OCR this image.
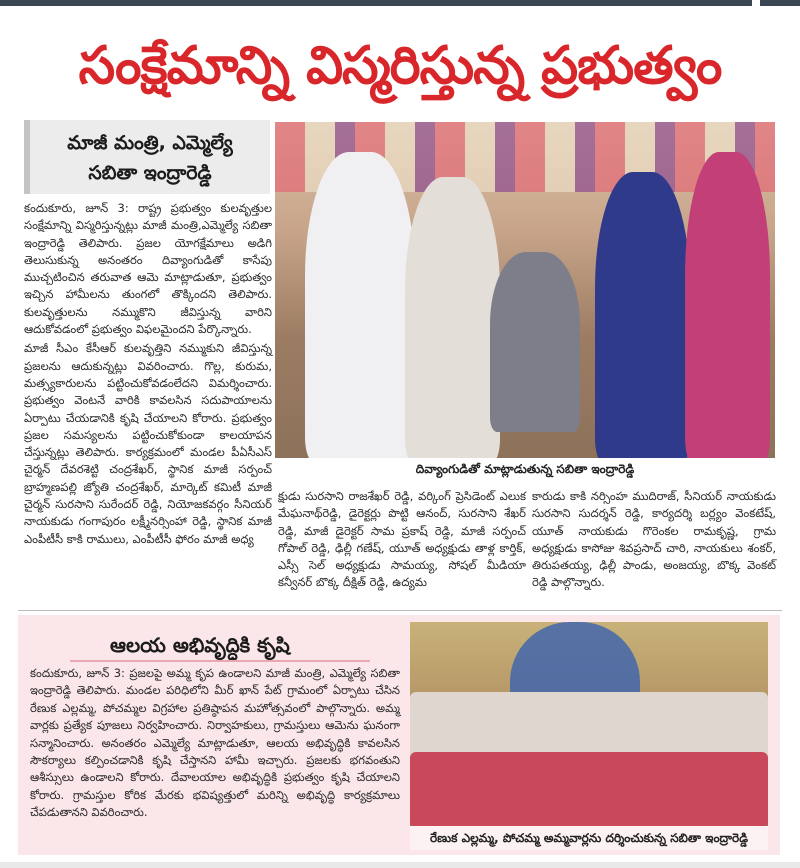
సంక్షేమాన్ని విస్మరిస్తున్న ప్రభుత్వం
మాజీ మంత్రి, ఎమ్మెల్యే
సబితా ఇంద్రారెడ్డి
దివ్యాంగుడితో మాట్లాడుతున్న సబితా ఇంద్రారెడ్డి

కందుకూరు, జూన్ 3: రాష్ట్ర ప్రభుత్వం కులవృత్తుల సంక్షేమాన్ని విస్మరిస్తున్నట్లు మాజీ మంత్రి,ఎమ్మెల్యే సబితా ఇంద్రారెడ్డి తెలిపారు. ప్రజల యోగక్షేమాలు అడిగి తెలుసుకున్న అనంతరం దివ్యాంగుడితో కాసేపు ముచ్చటించిన తరువాత ఆమె మాట్లాడుతూ, ప్రభుత్వం ఇచ్చిన హామీలను తుంగలో తొక్కిందని తెలిపారు. కులవృత్తులను నమ్ముకొని జీవిస్తున్న వారిని ఆదుకోవడంలో ప్రభుత్వం విఫలమైందని పేర్కొన్నారు.

మాజీ సీఎం కేసీఆర్ కులవృత్తిని నమ్ముకుని జీవిస్తున్న ప్రజలను ఆదుకున్నట్లు వివరించారు. గొల్ల, కురుమ, మత్స్యకారులను పట్టించుకోవడంలేదని విమర్శించారు. ప్రభుత్వం వెంటనే వారికి కావలసిన సదుపాయాలను ఏర్పాటు చేయడానికి కృషి చేయాలని కోరారు. ప్రభుత్వం ప్రజల సమస్యలను పట్టించుకోకుండా కాలయాపన చేస్తున్నట్లు తెలిపారు. కార్యక్రమంలో మండల పీఏసీఎస్ చైర్మన్ దేవరశెట్టి చంద్రశేఖర్, స్థానిక మాజీ సర్పంచ్ బ్రాహ్మణపల్లి జ్యోతి చంద్రశేఖర్, మార్కెట్ కమిటీ మాజీ చైర్మన్ సురసాని సురేందర్ రెడ్డి, నియోజకవర్గం సీనియర్ నాయకుడు గంగాపురం లక్ష్మీనర్సింహా రెడ్డి, స్థానిక మాజీ ఎంపీటీసీ కాకి రాములు, ఎంపీటీసీ ఫోరం మాజీ అధ్య

క్షుడు సురసాని రాజశేఖర్ రెడ్డి, వర్కింగ్ ప్రెసిడెంట్ ఎలుక మేఘనాథ్‌రెడ్డి, డైరెక్టర్లు పొట్టి ఆనంద్, సురసాని శేఖర్ రెడ్డి, మాజీ డైరెక్టర్ సామ ప్రకాష్ రెడ్డి, మాజీ సర్పంచ్ గోపాల్ రెడ్డి, ఢిల్లీ గణేష్, యూత్ అధ్యక్షుడు తాళ్ల కార్తిక్, ఎస్సీ సెల్ అధ్యక్షుడు సామయ్య, సోషల్ మీడియా కన్వీనర్ బొక్క దీక్షిత్ రెడ్డి, ఉద్యమ

కారుడు కాకి నర్సింహ ముదిరాజ్, సీనియర్ నాయకుడు సురసాని సుదర్శన్ రెడ్డి, కార్యదర్శి బర్ల్యం వెంకటేష్, యూత్ నాయకుడు గొరెంకల రామకృష్ణ, గ్రామ అధ్యక్షుడు కాసోజు శివప్రసాద్ చారి, నాయకులు శంకర్, తిరుపతయ్య, ఢిల్లీ పాండు, అంజయ్య, బొక్క వెంకట్ రెడ్డి పాల్గొన్నారు.

ఆలయ అభివృద్ధికి కృషి

కందుకూరు, జూన్ 3: ప్రజలపై అమ్మ కృప ఉండాలని మాజీ మంత్రి, ఎమ్మెల్యే సబితా ఇంద్రారెడ్డి తెలిపారు. మండల పరిధిలోని మీర్ ఖాన్ పేట్ గ్రామంలో ఏర్పాటు చేసిన రేణుక ఎల్లమ్మ, పోచమ్మల విగ్రహాల ప్రతిష్ఠాపన మహోత్సవంలో పాల్గొన్నారు. అమ్మ వార్లకు ప్రత్యేక పూజలు నిర్వహించారు. నిర్వాహకులు, గ్రామస్తులు ఆమెను ఘనంగా సన్మానించారు. అనంతరం ఎమ్మెల్యే మాట్లాడుతూ, ఆలయ అభివృద్ధికి కావలసిన సౌకర్యాలు కల్పించడానికి కృషి చేస్తానని హామీ ఇచ్చారు. ప్రజలకు భగవంతుని ఆశీస్సులు ఉండాలని కోరారు. దేవాలయాల అభివృద్ధికి ప్రభుత్వం కృషి చేయాలని కోరారు. గ్రామస్తుల కోరిక మేరకు భవిష్యత్తులో మరిన్ని అభివృద్ధి కార్యక్రమాలు చేపడుతానని వివరించారు.

రేణుక ఎల్లమ్మ, పోచమ్మ అమ్మవార్లను దర్శించుకున్న సబితా ఇంద్రారెడ్డి
